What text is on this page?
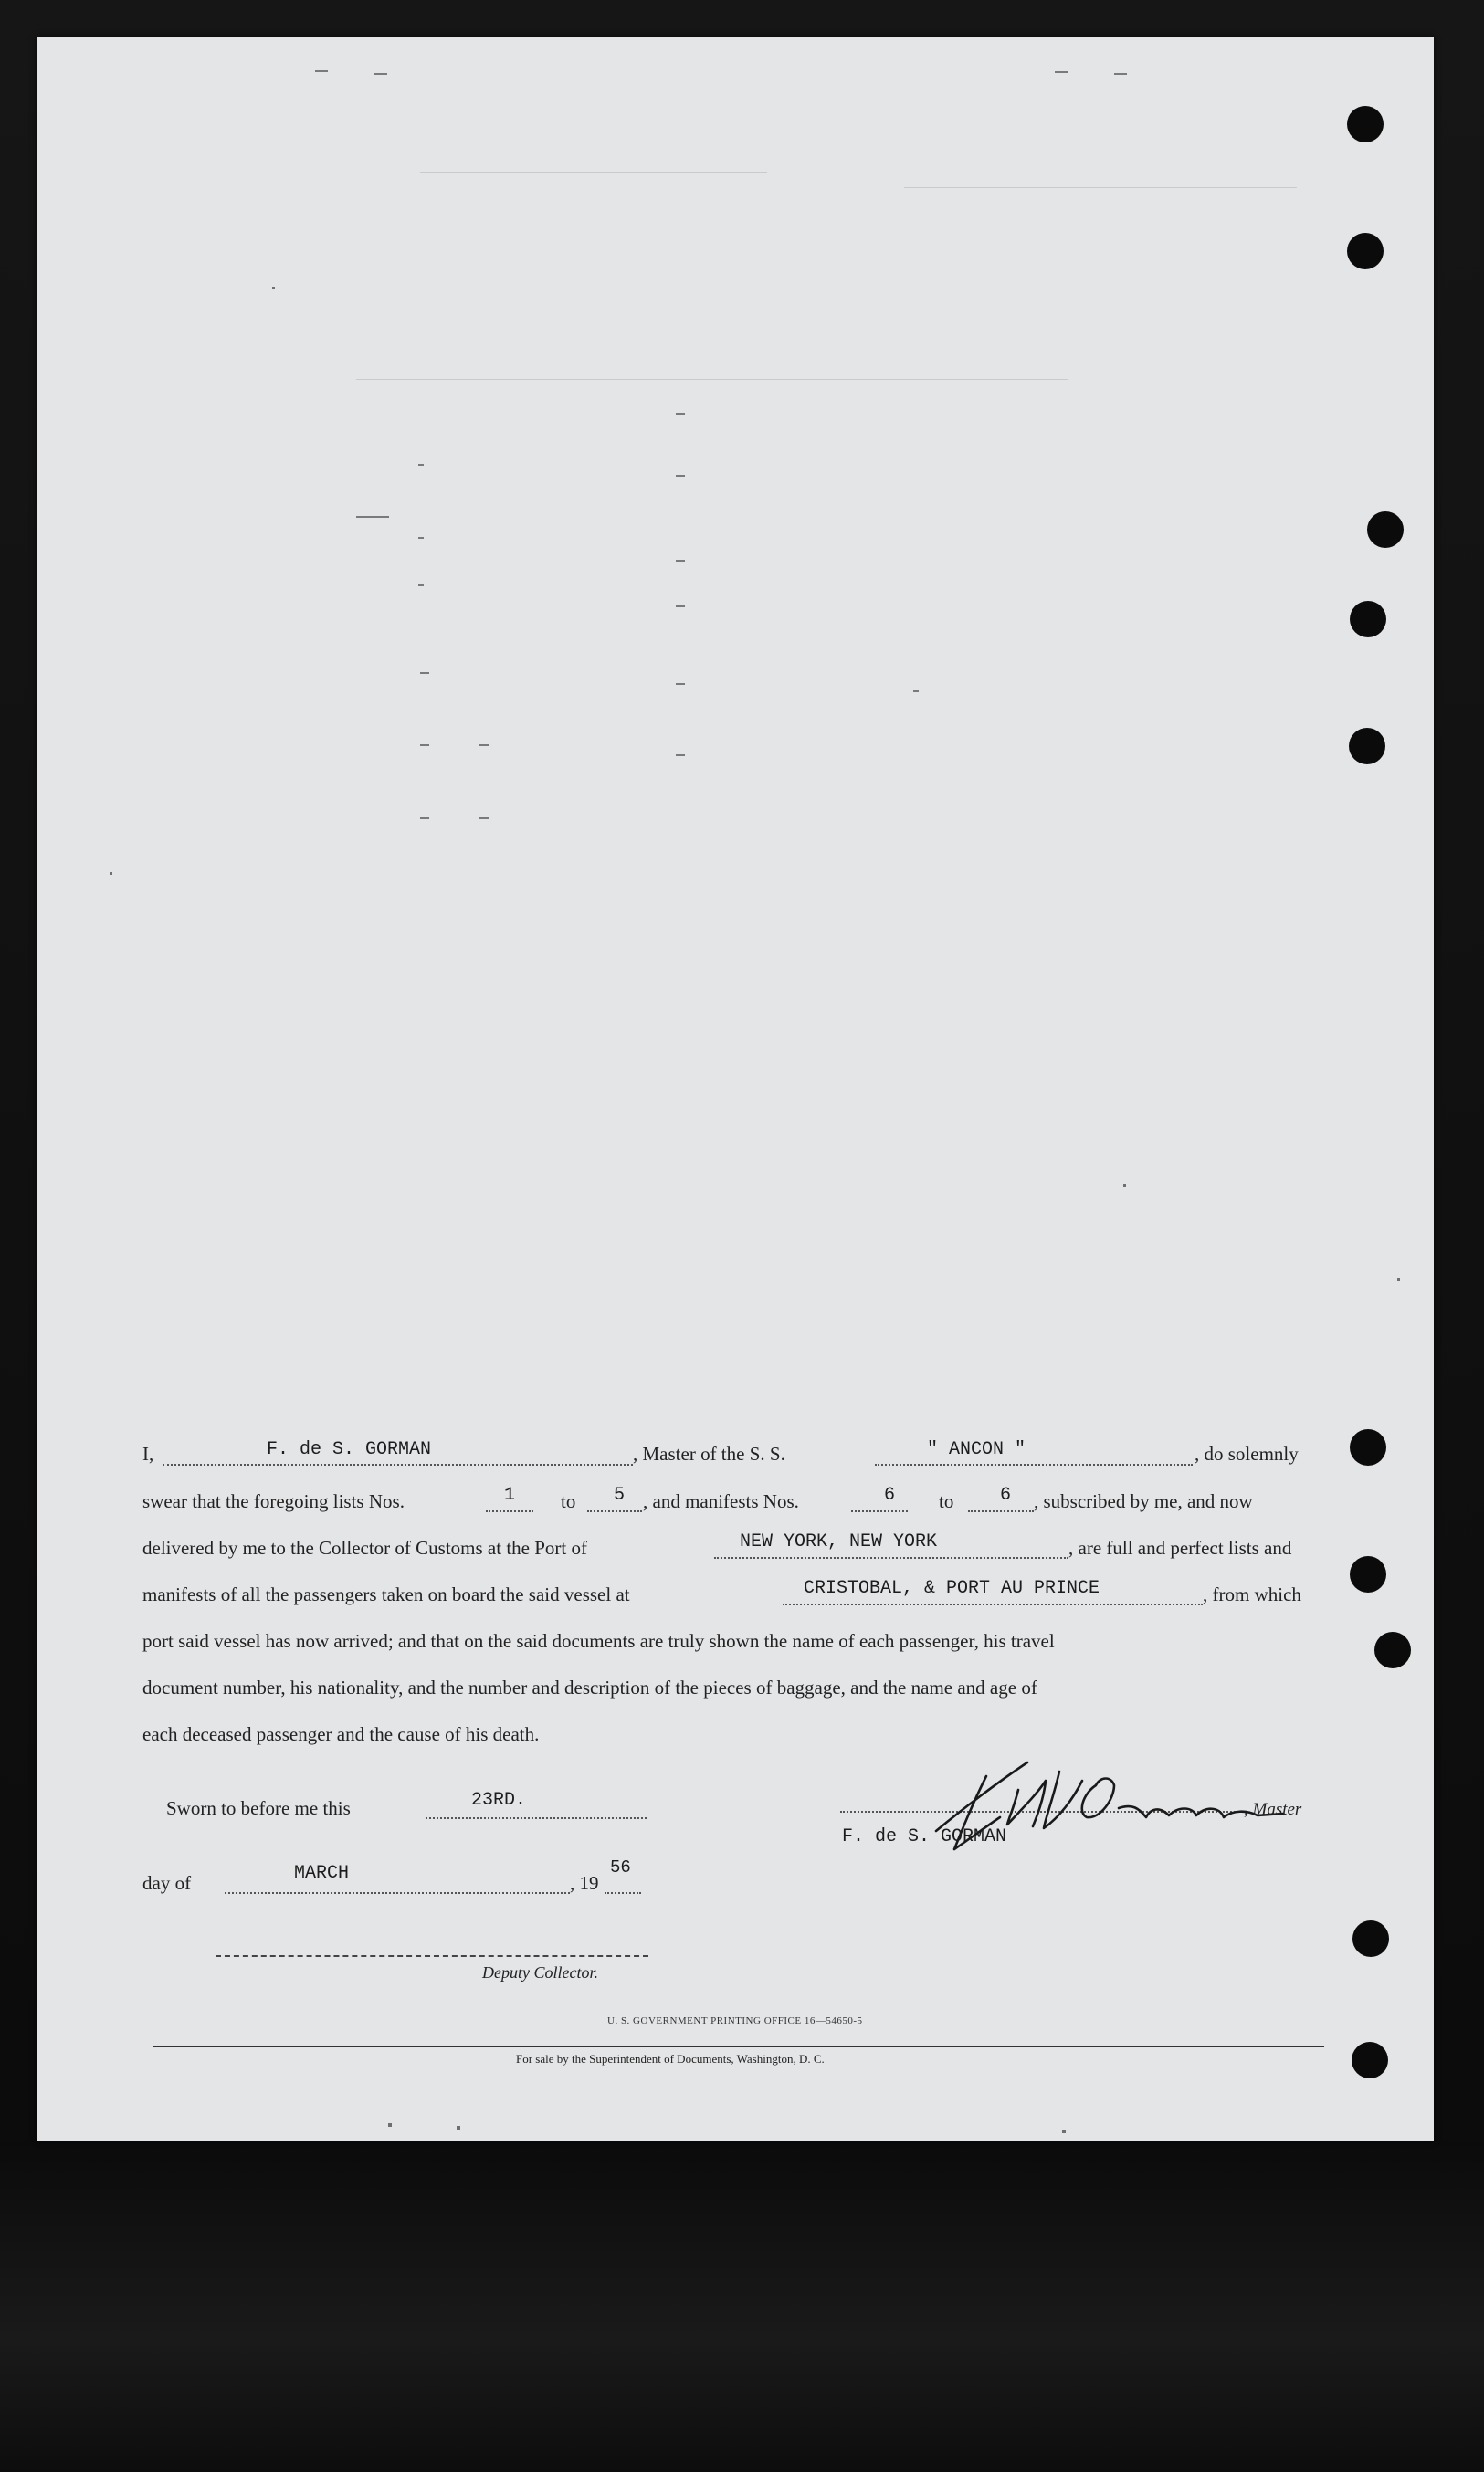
I,	F. de S. GORMAN	, Master of the S. S.	" ANCON "	, do solemnly
swear that the foregoing lists Nos.	1 to 5 , and manifests Nos.	6 to	6 , subscribed by me, and now
delivered by me to the Collector of Customs at the Port of	NEW YORK, NEW YORK	, are full and perfect lists and
manifests of all the passengers taken on board the said vessel at	CRISTOBAL, & PORT AU PRINCE	, from which
port said vessel has now arrived; and that on the said documents are truly shown the name of each passenger, his travel
document number, his nationality, and the number and description of the pieces of baggage, and the name and age of
each deceased passenger and the cause of his death.
Sworn to before me this	23RD.
day of	MARCH	, 19
56
Deputy Collector.
, Master
F. de S. GORMAN
U. S. GOVERNMENT PRINTING OFFICE 16—54650-5
For sale by the Superintendent of Documents, Washington, D. C.
